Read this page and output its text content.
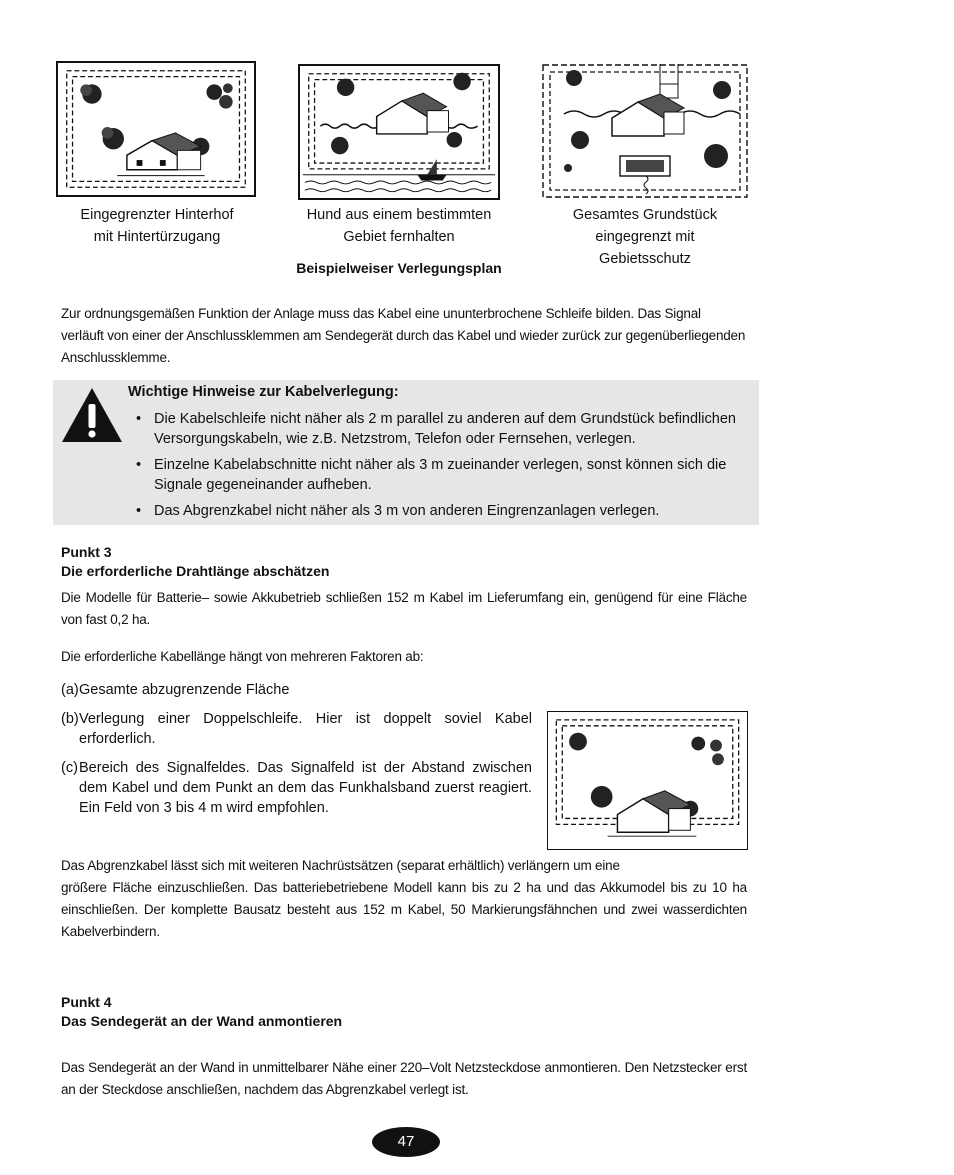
Eingegrenzter Hinterhof
mit Hintertürzugang
Hund aus einem bestimmten
Gebiet fernhalten
Gesamtes Grundstück
eingegrenzt mit
Gebietsschutz
Beispielweiser Verlegungsplan
Zur ordnungsgemäßen Funktion der Anlage muss das Kabel eine ununterbrochene Schleife bilden. Das Signal verläuft von einer der Anschlussklemmen am Sendegerät durch das Kabel und wieder zurück zur gegenüberliegenden Anschlussklemme.
Wichtige Hinweise zur Kabelverlegung:
• Die Kabelschleife nicht näher als 2 m parallel zu anderen auf dem Grundstück befindlichen Versorgungskabeln, wie z.B. Netzstrom, Telefon oder Fernsehen, verlegen.
• Einzelne Kabelabschnitte nicht näher als 3 m zueinander verlegen, sonst können sich die Signale gegeneinander aufheben.
• Das Abgrenzkabel nicht näher als 3 m von anderen Eingrenzanlagen verlegen.
Punkt 3
Die erforderliche Drahtlänge abschätzen
Die Modelle für Batterie– sowie Akkubetrieb schließen 152 m Kabel im Lieferumfang ein, genügend für eine Fläche von fast 0,2 ha.
Die erforderliche Kabellänge hängt von mehreren Faktoren ab:
(a) Gesamte abzugrenzende Fläche
(b) Verlegung einer Doppelschleife. Hier ist doppelt soviel Kabel erforderlich.
(c) Bereich des Signalfeldes. Das Signalfeld ist der Abstand zwischen dem Kabel und dem Punkt an dem das Funkhalsband zuerst reagiert. Ein Feld von 3 bis 4 m wird empfohlen.
Das Abgrenzkabel lässt sich mit weiteren Nachrüstsätzen (separat erhältlich) verlängern um eine
größere Fläche einzuschließen. Das batteriebetriebene Modell kann bis zu 2 ha und das Akkumodel bis zu 10 ha einschließen. Der komplette Bausatz besteht aus 152 m Kabel, 50 Markierungsfähnchen und zwei wasserdichten Kabelverbindern.
Punkt 4
Das Sendegerät an der Wand anmontieren
Das Sendegerät an der Wand in unmittelbarer Nähe einer 220–Volt Netzsteckdose anmontieren. Den Netzstecker erst an der Steckdose anschließen, nachdem das Abgrenzkabel verlegt ist.
47
